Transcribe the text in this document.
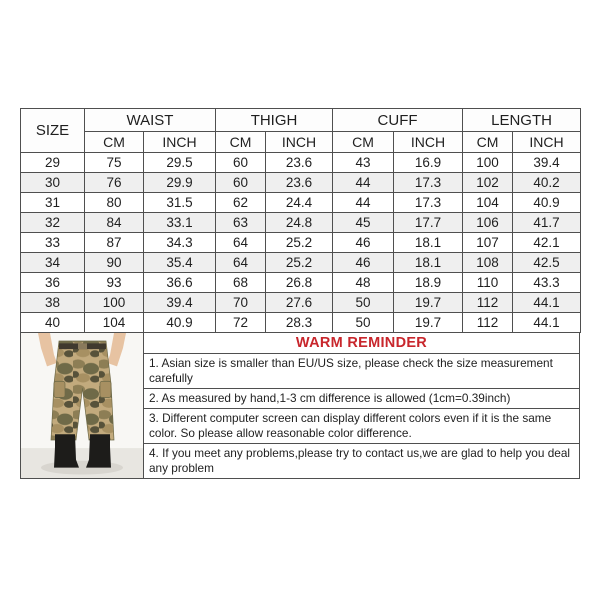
SIZE	WAIST		THIGH		CUFF		LENGTH	
	CM	INCH	CM	INCH	CM	INCH	CM	INCH
29	75	29.5	60	23.6	43	16.9	100	39.4
30	76	29.9	60	23.6	44	17.3	102	40.2
31	80	31.5	62	24.4	44	17.3	104	40.9
32	84	33.1	63	24.8	45	17.7	106	41.7
33	87	34.3	64	25.2	46	18.1	107	42.1
34	90	35.4	64	25.2	46	18.1	108	42.5
36	93	36.6	68	26.8	48	18.9	110	43.3
38	100	39.4	70	27.6	50	19.7	112	44.1
40	104	40.9	72	28.3	50	19.7	112	44.1
WARM REMINDER
1. Asian size is smaller than EU/US size, please check the size measurement carefully
2. As measured by hand,1-3 cm difference is allowed (1cm=0.39inch)
3. Different computer screen can display different colors even if it is the same color. So please allow reasonable color difference.
4. If you meet any problems,please try to contact us,we are glad to help you deal any problem
